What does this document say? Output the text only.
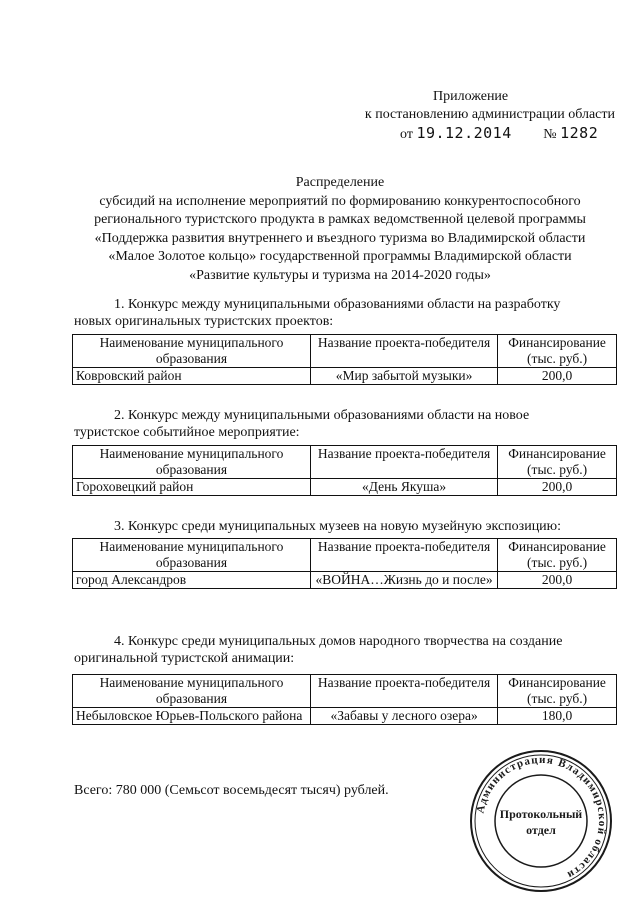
Приложение
к постановлению администрации области
от 19.12.2014 № 1282
Распределение
субсидий на исполнение мероприятий по формированию конкурентоспособного
регионального туристского продукта в рамках ведомственной целевой программы
«Поддержка развития внутреннего и въездного туризма во Владимирской области
«Малое Золотое кольцо» государственной программы Владимирской области
«Развитие культуры и туризма на 2014-2020 годы»
1. Конкурс между муниципальными образованиями области на разработку
новых оригинальных туристских проектов:
Наименование муниципального образования	Название проекта-победителя	Финансирование (тыс. руб.)
Ковровский район	«Мир забытой музыки»	200,0
2. Конкурс между муниципальными образованиями области на новое
туристское событийное мероприятие:
Наименование муниципального образования	Название проекта-победителя	Финансирование (тыс. руб.)
Гороховецкий район	«День Якуша»	200,0
3. Конкурс среди муниципальных музеев на новую музейную экспозицию:
Наименование муниципального образования	Название проекта-победителя	Финансирование (тыс. руб.)
город Александров	«ВОЙНА…Жизнь до и после»	200,0
4. Конкурс среди муниципальных домов народного творчества на создание
оригинальной туристской анимации:
Наименование муниципального образования	Название проекта-победителя	Финансирование (тыс. руб.)
Небыловское Юрьев-Польского района	«Забавы у лесного озера»	180,0
Всего: 780 000 (Семьсот восемьдесят тысяч) рублей.
Администрация Владимирской области
Протокольный
отдел
